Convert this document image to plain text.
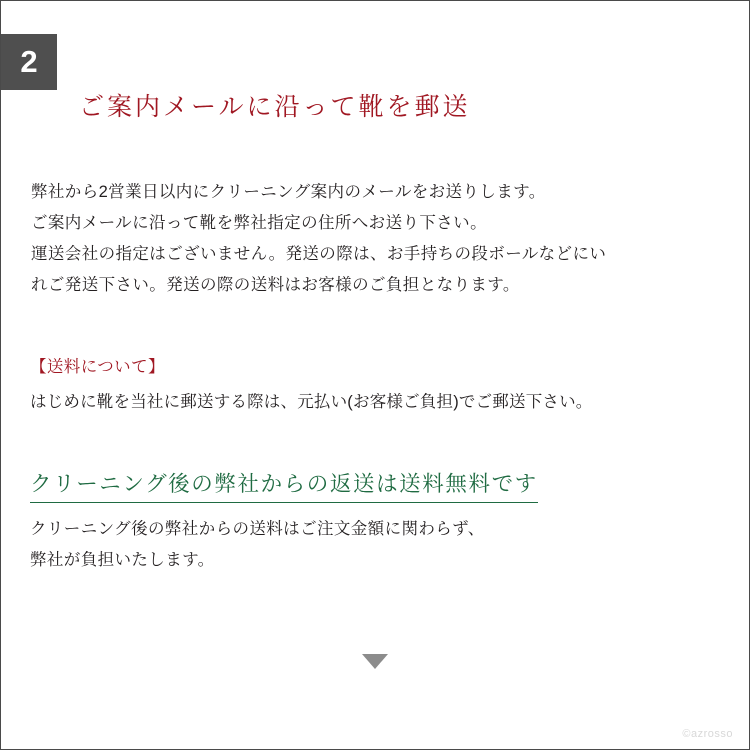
2
ご案内メールに沿って靴を郵送
弊社から2営業日以内にクリーニング案内のメールをお送りします。
ご案内メールに沿って靴を弊社指定の住所へお送り下さい。
運送会社の指定はございません。発送の際は、お手持ちの段ボールなどにい
れご発送下さい。発送の際の送料はお客様のご負担となります。
【送料について】
はじめに靴を当社に郵送する際は、元払い(お客様ご負担)でご郵送下さい。
クリーニング後の弊社からの返送は送料無料です
クリーニング後の弊社からの送料はご注文金額に関わらず、
弊社が負担いたします。
©azrosso
